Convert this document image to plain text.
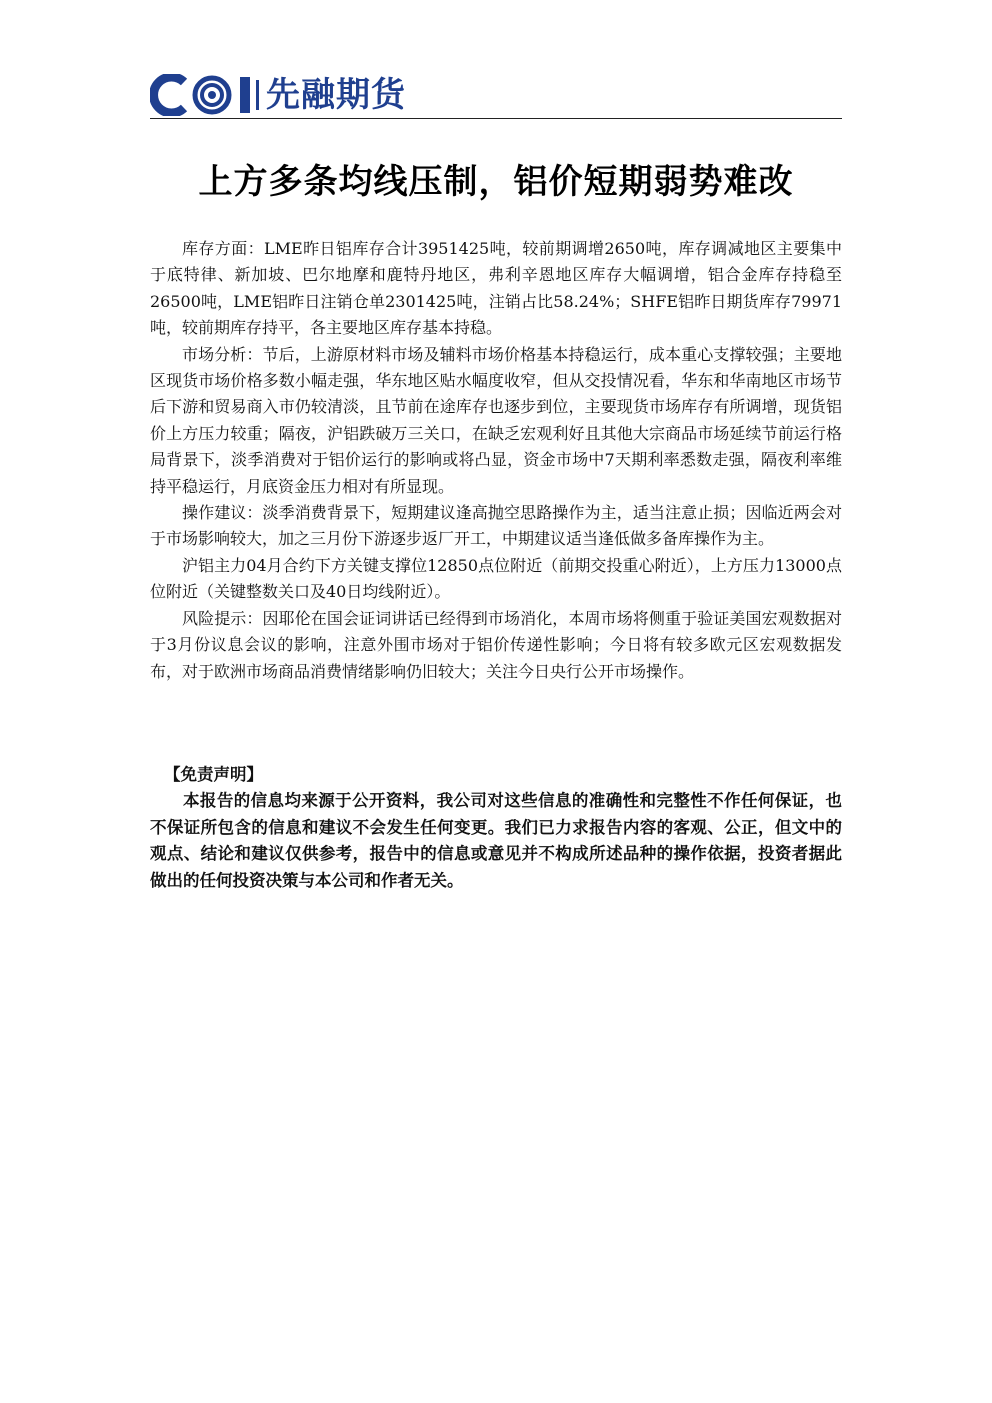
先融期货
上方多条均线压制，铝价短期弱势难改

库存方面：LME昨日铝库存合计3951425吨，较前期调增2650吨，库存调减地区主要集中于底特律、新加坡、巴尔地摩和鹿特丹地区，弗利辛恩地区库存大幅调增，铝合金库存持稳至26500吨，LME铝昨日注销仓单2301425吨，注销占比58.24%；SHFE铝昨日期货库存79971吨，较前期库存持平，各主要地区库存基本持稳。

市场分析：节后，上游原材料市场及辅料市场价格基本持稳运行，成本重心支撑较强；主要地区现货市场价格多数小幅走强，华东地区贴水幅度收窄，但从交投情况看，华东和华南地区市场节后下游和贸易商入市仍较清淡，且节前在途库存也逐步到位，主要现货市场库存有所调增，现货铝价上方压力较重；隔夜，沪铝跌破万三关口，在缺乏宏观利好且其他大宗商品市场延续节前运行格局背景下，淡季消费对于铝价运行的影响或将凸显，资金市场中7天期利率悉数走强，隔夜利率维持平稳运行，月底资金压力相对有所显现。

操作建议：淡季消费背景下，短期建议逢高抛空思路操作为主，适当注意止损；因临近两会对于市场影响较大，加之三月份下游逐步返厂开工，中期建议适当逢低做多备库操作为主。

沪铝主力04月合约下方关键支撑位12850点位附近（前期交投重心附近），上方压力13000点位附近（关键整数关口及40日均线附近）。

风险提示：因耶伦在国会证词讲话已经得到市场消化，本周市场将侧重于验证美国宏观数据对于3月份议息会议的影响，注意外围市场对于铝价传递性影响；今日将有较多欧元区宏观数据发布，对于欧洲市场商品消费情绪影响仍旧较大；关注今日央行公开市场操作。

【免责声明】

本报告的信息均来源于公开资料，我公司对这些信息的准确性和完整性不作任何保证，也不保证所包含的信息和建议不会发生任何变更。我们已力求报告内容的客观、公正，但文中的观点、结论和建议仅供参考，报告中的信息或意见并不构成所述品种的操作依据，投资者据此做出的任何投资决策与本公司和作者无关。
